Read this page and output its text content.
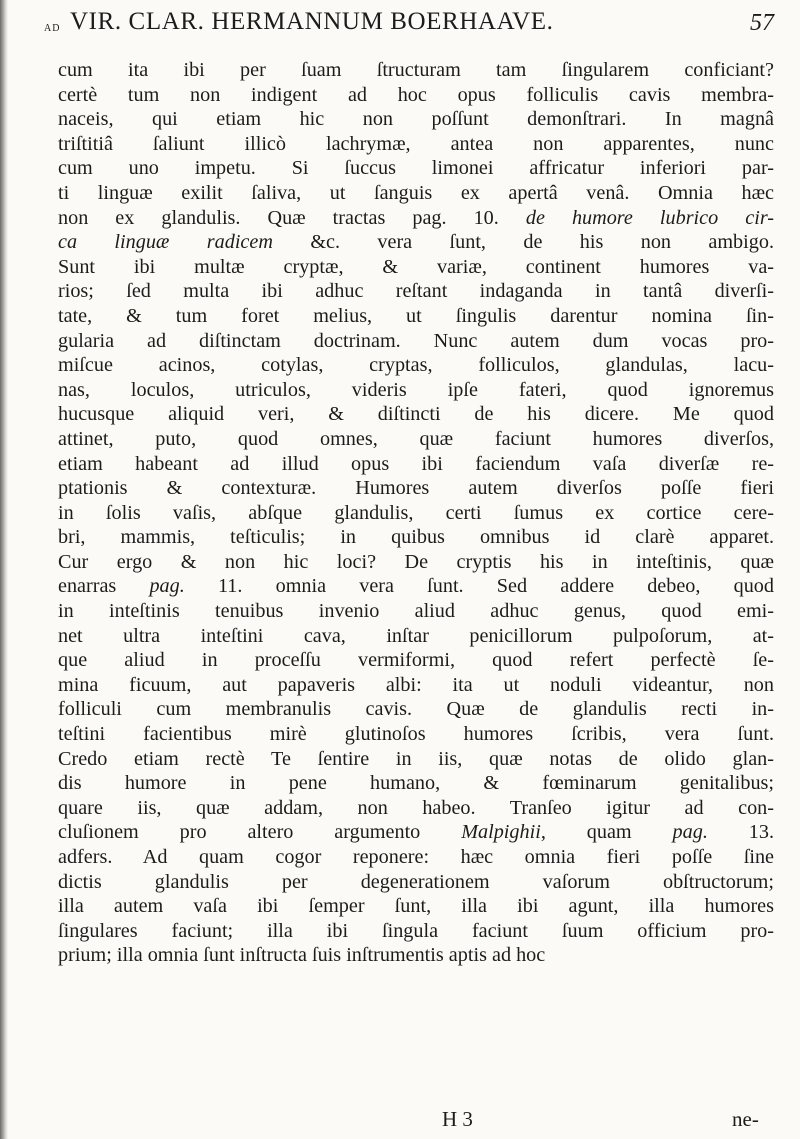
ad VIR. CLAR. HERMANNUM BOERHAAVE.	57
cum ita ibi per ſuam ſtructuram tam ſingularem conficiant?
certè tum non indigent ad hoc opus folliculis cavis membra-
naceis, qui etiam hic non poſſunt demonſtrari. In magnâ
triſtitiâ ſaliunt illicò lachrymæ, antea non apparentes, nunc
cum uno impetu. Si ſuccus limonei affricatur inferiori par-
ti linguæ exilit ſaliva, ut ſanguis ex apertâ venâ. Omnia hæc
non ex glandulis. Quæ tractas pag. 10. de humore lubrico cir-
ca linguæ radicem &c. vera ſunt, de his non ambigo.
Sunt ibi multæ cryptæ, & variæ, continent humores va-
rios; ſed multa ibi adhuc reſtant indaganda in tantâ diverſi-
tate, & tum foret melius, ut ſingulis darentur nomina ſin-
gularia ad diſtinctam doctrinam. Nunc autem dum vocas pro-
miſcue acinos, cotylas, cryptas, folliculos, glandulas, lacu-
nas, loculos, utriculos, videris ipſe fateri, quod ignoremus
hucusque aliquid veri, & diſtincti de his dicere. Me quod
attinet, puto, quod omnes, quæ faciunt humores diverſos,
etiam habeant ad illud opus ibi faciendum vaſa diverſæ re-
ptationis & contexturæ. Humores autem diverſos poſſe fieri
in ſolis vaſis, abſque glandulis, certi ſumus ex cortice cere-
bri, mammis, teſticulis; in quibus omnibus id clarè apparet.
Cur ergo & non hic loci? De cryptis his in inteſtinis, quæ
enarras pag. 11. omnia vera ſunt. Sed addere debeo, quod
in inteſtinis tenuibus invenio aliud adhuc genus, quod emi-
net ultra inteſtini cava, inſtar penicillorum pulpoſorum, at-
que aliud in proceſſu vermiformi, quod refert perfectè ſe-
mina ficuum, aut papaveris albi: ita ut noduli videantur, non
folliculi cum membranulis cavis. Quæ de glandulis recti in-
teſtini facientibus mirè glutinoſos humores ſcribis, vera ſunt.
Credo etiam rectè Te ſentire in iis, quæ notas de olido glan-
dis humore in pene humano, & fœminarum genitalibus;
quare iis, quæ addam, non habeo. Tranſeo igitur ad con-
cluſionem pro altero argumento Malpighii, quam pag. 13.
adfers. Ad quam cogor reponere: hæc omnia fieri poſſe ſine
dictis glandulis per degenerationem vaſorum obſtructorum;
illa autem vaſa ibi ſemper ſunt, illa ibi agunt, illa humores
ſingulares faciunt; illa ibi ſingula faciunt ſuum officium pro-
prium; illa omnia ſunt inſtructa ſuis inſtrumentis aptis ad hoc
H 3	ne-
